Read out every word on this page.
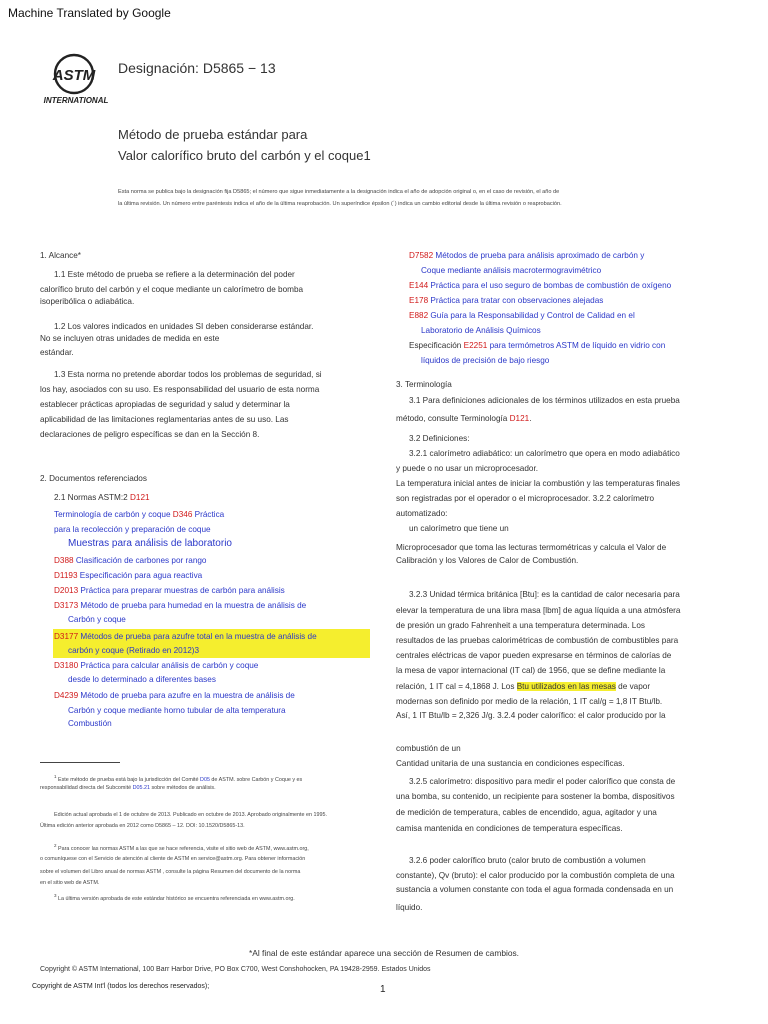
Machine Translated by Google
ASTM
INTERNATIONAL
Designación: D5865 − 13
Método de prueba estándar para
Valor calorífico bruto del carbón y el coque1
Esta norma se publica bajo la designación fija D5865; el número que sigue inmediatamente a la designación indica el año de adopción original o, en el caso de revisión, el año de
la última revisión. Un número entre paréntesis indica el año de la última reaprobación. Un superíndice épsilon (´) indica un cambio editorial desde la última revisión o reaprobación.
1. Alcance*
1.1 Este método de prueba se refiere a la determinación del poder
calorífico bruto del carbón y el coque mediante un calorímetro de bomba
isoperibólica o adiabática.
1.2 Los valores indicados en unidades SI deben considerarse estándar.
No se incluyen otras unidades de medida en este
estándar.
1.3 Esta norma no pretende abordar todos los problemas de seguridad, si
los hay, asociados con su uso. Es responsabilidad del usuario de esta norma
establecer prácticas apropiadas de seguridad y salud y determinar la
aplicabilidad de las limitaciones reglamentarias antes de su uso. Las
declaraciones de peligro específicas se dan en la Sección 8.
2. Documentos referenciados
2.1 Normas ASTM:2 D121
Terminología de carbón y coque D346 Práctica
para la recolección y preparación de coque
Muestras para análisis de laboratorio
D388 Clasificación de carbones por rango
D1193 Especificación para agua reactiva
D2013 Práctica para preparar muestras de carbón para análisis
D3173 Método de prueba para humedad en la muestra de análisis de
Carbón y coque
D3177 Métodos de prueba para azufre total en la muestra de análisis de
carbón y coque (Retirado en 2012)3
D3180 Práctica para calcular análisis de carbón y coque
desde lo determinado a diferentes bases
D4239 Método de prueba para azufre en la muestra de análisis de
Carbón y coque mediante horno tubular de alta temperatura
Combustión
$^1$ Este método de prueba está bajo la jurisdicción del Comité D05 de ASTM. sobre Carbón y Coque y es
responsabilidad directa del Subcomité D05.21 sobre métodos de análisis.
Edición actual aprobada el 1 de octubre de 2013. Publicado en octubre de 2013. Aprobado originalmente en 1995.
Última edición anterior aprobada en 2012 como D5865 – 12. DOI: 10.1520/D5865-13.
$^2$ Para conocer las normas ASTM a las que se hace referencia, visite el sitio web de ASTM, www.astm.org,
o comuníquese con el Servicio de atención al cliente de ASTM en service@astm.org. Para obtener información
sobre el volumen del Libro anual de normas ASTM , consulte la página Resumen del documento de la norma
en el sitio web de ASTM.
$^3$ La última versión aprobada de este estándar histórico se encuentra referenciada en www.astm.org.
D7582 Métodos de prueba para análisis aproximado de carbón y
Coque mediante análisis macrotermogravimétrico
E144 Práctica para el uso seguro de bombas de combustión de oxígeno
E178 Práctica para tratar con observaciones alejadas
E882 Guía para la Responsabilidad y Control de Calidad en el
Laboratorio de Análisis Químicos
Especificación E2251 para termómetros ASTM de líquido en vidrio con
líquidos de precisión de bajo riesgo
3. Terminología
3.1 Para definiciones adicionales de los términos utilizados en esta prueba
método, consulte Terminología D121.
3.2 Definiciones:
3.2.1 calorímetro adiabático: un calorímetro que opera en modo adiabático
y puede o no usar un microprocesador.
La temperatura inicial antes de iniciar la combustión y las temperaturas finales
son registradas por el operador o el microprocesador. 3.2.2 calorímetro
automatizado:
un calorímetro que tiene un
Microprocesador que toma las lecturas termométricas y calcula el Valor de
Calibración y los Valores de Calor de Combustión.
3.2.3 Unidad térmica británica [Btu]: es la cantidad de calor necesaria para
elevar la temperatura de una libra masa [lbm] de agua líquida a una atmósfera
de presión un grado Fahrenheit a una temperatura determinada. Los
resultados de las pruebas calorimétricas de combustión de combustibles para
centrales eléctricas de vapor pueden expresarse en términos de calorías de
la mesa de vapor internacional (IT cal) de 1956, que se define mediante la
relación, 1 IT cal = 4,1868 J. Los Btu utilizados en las mesas de vapor
modernas son definido por medio de la relación, 1 IT cal/g = 1,8 IT Btu/lb.
Así, 1 IT Btu/lb = 2,326 J/g. 3.2.4 poder calorífico: el calor producido por la
combustión de un
Cantidad unitaria de una sustancia en condiciones específicas.
3.2.5 calorímetro: dispositivo para medir el poder calorífico que consta de
una bomba, su contenido, un recipiente para sostener la bomba, dispositivos
de medición de temperatura, cables de encendido, agua, agitador y una
camisa mantenida en condiciones de temperatura específicas.
3.2.6 poder calorífico bruto (calor bruto de combustión a volumen
constante), Qv (bruto): el calor producido por la combustión completa de una
sustancia a volumen constante con toda el agua formada condensada en un
líquido.
*Al final de este estándar aparece una sección de Resumen de cambios.
Copyright © ASTM International, 100 Barr Harbor Drive, PO Box C700, West Conshohocken, PA 19428-2959. Estados Unidos
Copyright de ASTM Int'l (todos los derechos reservados);	1
